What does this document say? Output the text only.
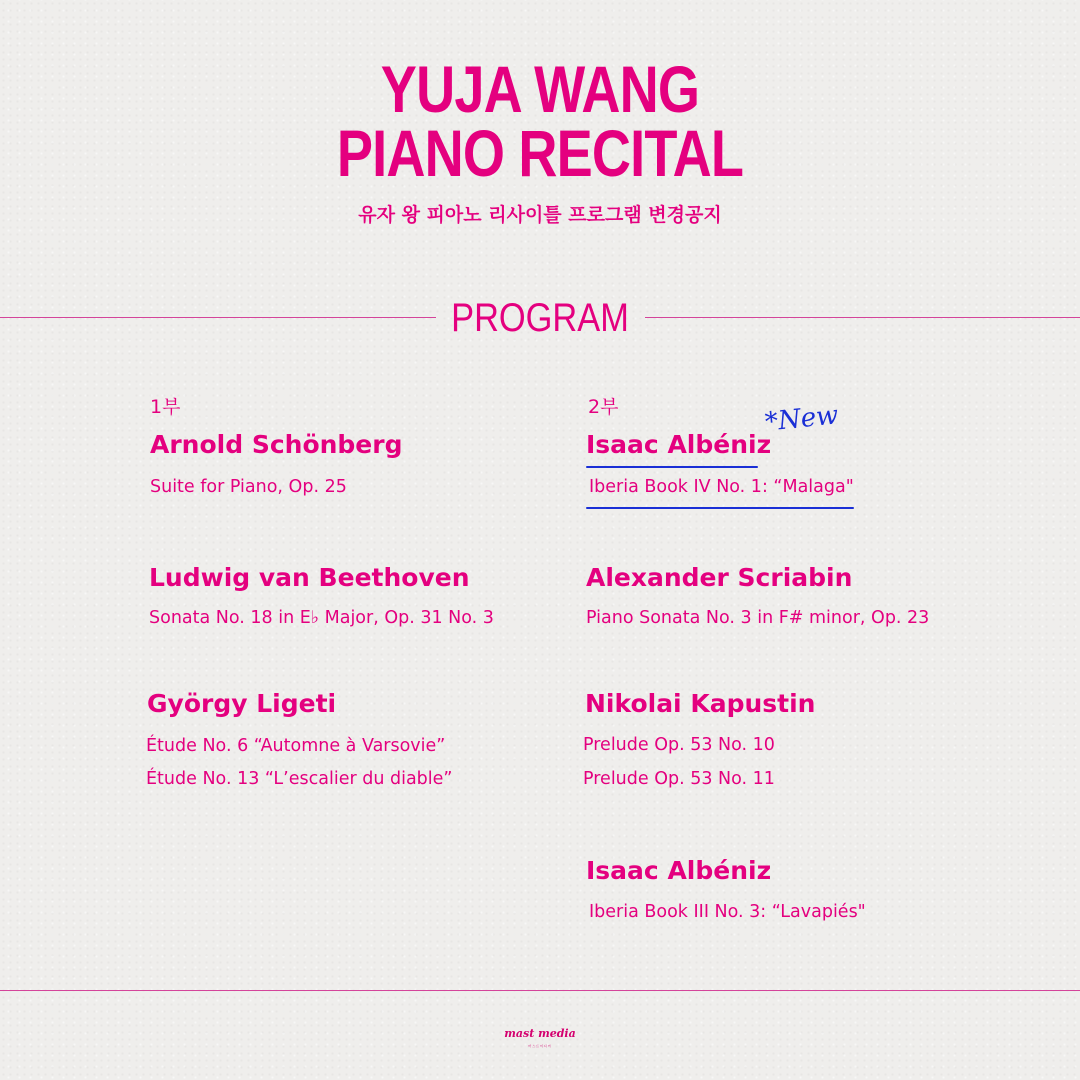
YUJA WANG
PIANO RECITAL
유자 왕 피아노 리사이틀 프로그램 변경공지
PROGRAM
1부
Arnold Schönberg
Suite for Piano, Op. 25
Ludwig van Beethoven
Sonata No. 18 in E♭ Major, Op. 31 No. 3
György Ligeti
Étude No. 6 “Automne à Varsovie”
Étude No. 13 “L’escalier du diable”
2부	*New
Isaac Albéniz
Iberia Book IV No. 1: “Malaga"
Alexander Scriabin
Piano Sonata No. 3 in F# minor, Op. 23
Nikolai Kapustin
Prelude Op. 53 No. 10
Prelude Op. 53 No. 11
Isaac Albéniz
Iberia Book III No. 3: “Lavapiés"
mast media
마스트미디어
